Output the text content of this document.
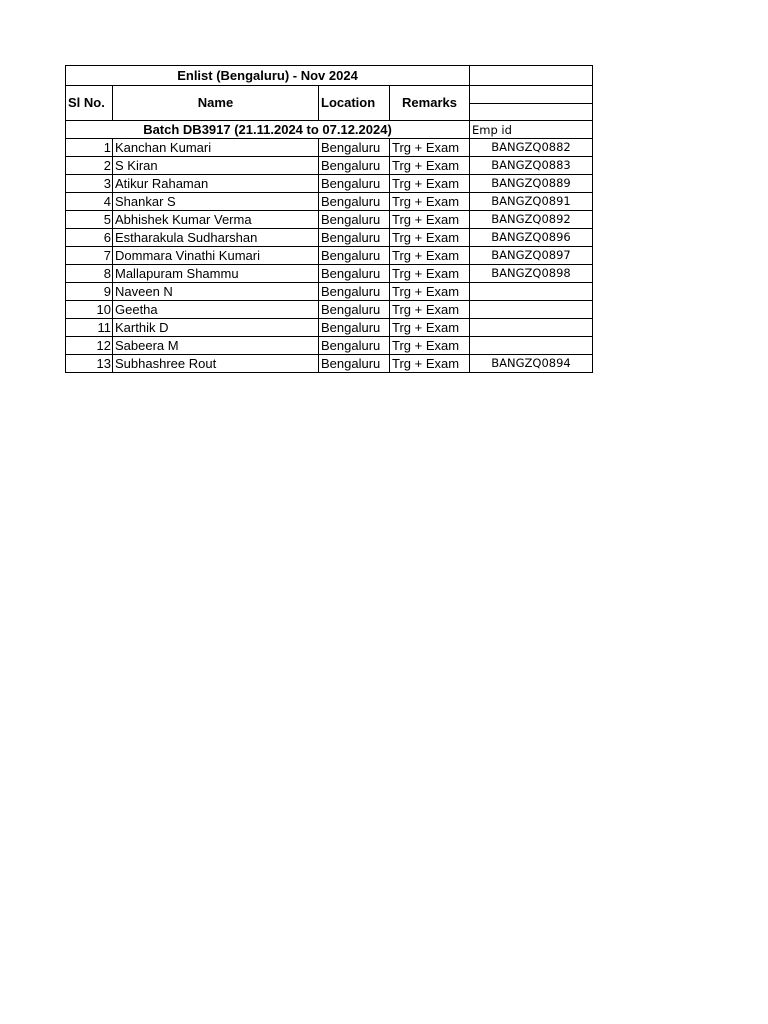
Enlist (Bengaluru) - Nov 2024				
Sl No.	Name	Location	Remarks	

Batch DB3917 (21.11.2024 to 07.12.2024)				Emp id
1	Kanchan Kumari	Bengaluru	Trg + Exam	BANGZQ0882
2	S Kiran	Bengaluru	Trg + Exam	BANGZQ0883
3	Atikur Rahaman	Bengaluru	Trg + Exam	BANGZQ0889
4	Shankar S	Bengaluru	Trg + Exam	BANGZQ0891
5	Abhishek Kumar Verma	Bengaluru	Trg + Exam	BANGZQ0892
6	Estharakula Sudharshan	Bengaluru	Trg + Exam	BANGZQ0896
7	Dommara Vinathi Kumari	Bengaluru	Trg + Exam	BANGZQ0897
8	Mallapuram Shammu	Bengaluru	Trg + Exam	BANGZQ0898
9	Naveen N	Bengaluru	Trg + Exam	
10	Geetha	Bengaluru	Trg + Exam	
11	Karthik D	Bengaluru	Trg + Exam	
12	Sabeera M	Bengaluru	Trg + Exam	
13	Subhashree Rout	Bengaluru	Trg + Exam	BANGZQ0894
